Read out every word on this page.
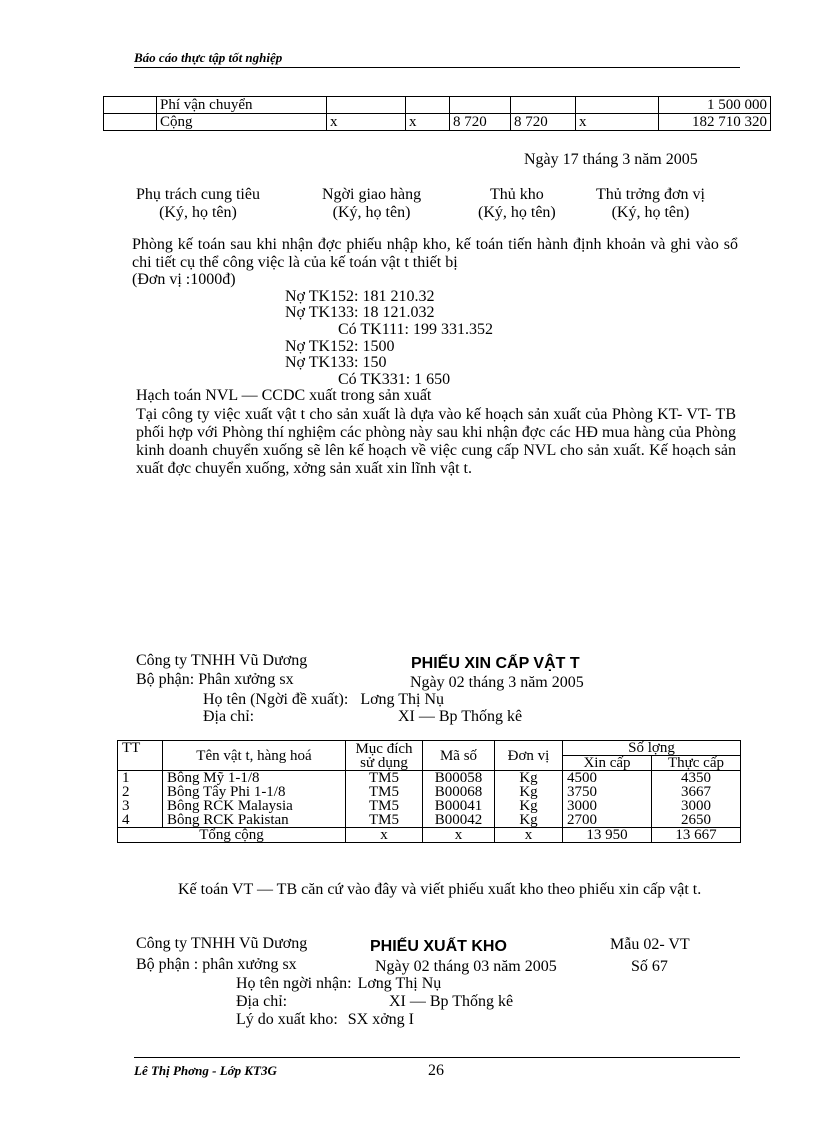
Báo cáo thực tập tốt nghiệp
	Phí vận chuyển						1 500 000
	Cộng	x	x	8 720	8 720	x	182 710 320
Ngày 17 tháng 3 năm 2005
Phụ trách cung tiêu
(Ký, họ tên)
Ngời giao hàng
(Ký, họ tên)
Thủ kho
(Ký, họ tên)
Thủ trởng đơn vị
(Ký, họ tên)
Phòng kế toán sau khi nhận đợc phiếu nhập kho, kế toán tiến hành định khoản và ghi vào sổ chi tiết cụ thể công việc là của kế toán vật t thiết bị
(Đơn vị :1000đ)
Nợ TK152: 181 210.32
Nợ TK133: 18 121.032
Có TK111: 199 331.352
Nợ TK152: 1500
Nợ TK133: 150
Có TK331: 1 650
Hạch toán NVL — CCDC xuất trong sản xuất
Tại công ty việc xuất vật t cho sản xuất là dựa vào kế hoạch sản xuất của Phòng KT- VT- TB phối hợp với Phòng thí nghiệm các phòng này sau khi nhận đợc các HĐ mua hàng của Phòng kinh doanh chuyển xuống sẽ lên kế hoạch về việc cung cấp NVL cho sản xuất. Kế hoạch sản xuất đợc chuyển xuống, xởng sản xuất xin lĩnh vật t.
Công ty TNHH Vũ Dương
Bộ phận: Phân xưởng sx
PHIẾU XIN CẤP VẬT T
Ngày 02 tháng 3 năm 2005
Họ tên (Ngời đề xuất): Lơng Thị Nụ
Địa chỉ:	XI — Bp Thống kê
TT	Tên vật t, hàng hoá	Mục đích sử dụng	Mã số	Đơn vị	Số lợng	
					Xin cấp	Thực cấp
1	Bông Mỹ 1-1/8	TM5	B00058	Kg	4500	4350
2	Bông Tây Phi 1-1/8	TM5	B00068	Kg	3750	3667
3	Bông RCK Malaysia	TM5	B00041	Kg	3000	3000
4	Bông RCK Pakistan	TM5	B00042	Kg	2700	2650
Tổng cộng		x	x	x	13 950	13 667
Kế toán VT — TB căn cứ vào đây và viết phiếu xuất kho theo phiếu xin cấp vật t.
Công ty TNHH Vũ Dương
Bộ phận : phân xưởng sx
PHIẾU XUẤT KHO	Mẫu 02- VT
Ngày 02 tháng 03 năm 2005	Số 67
Họ tên ngời nhận: Lơng Thị Nụ
Địa chỉ:	XI — Bp Thống kê
Lý do xuất kho: SX xởng I
Lê Thị Phơng - Lớp KT3G	26
